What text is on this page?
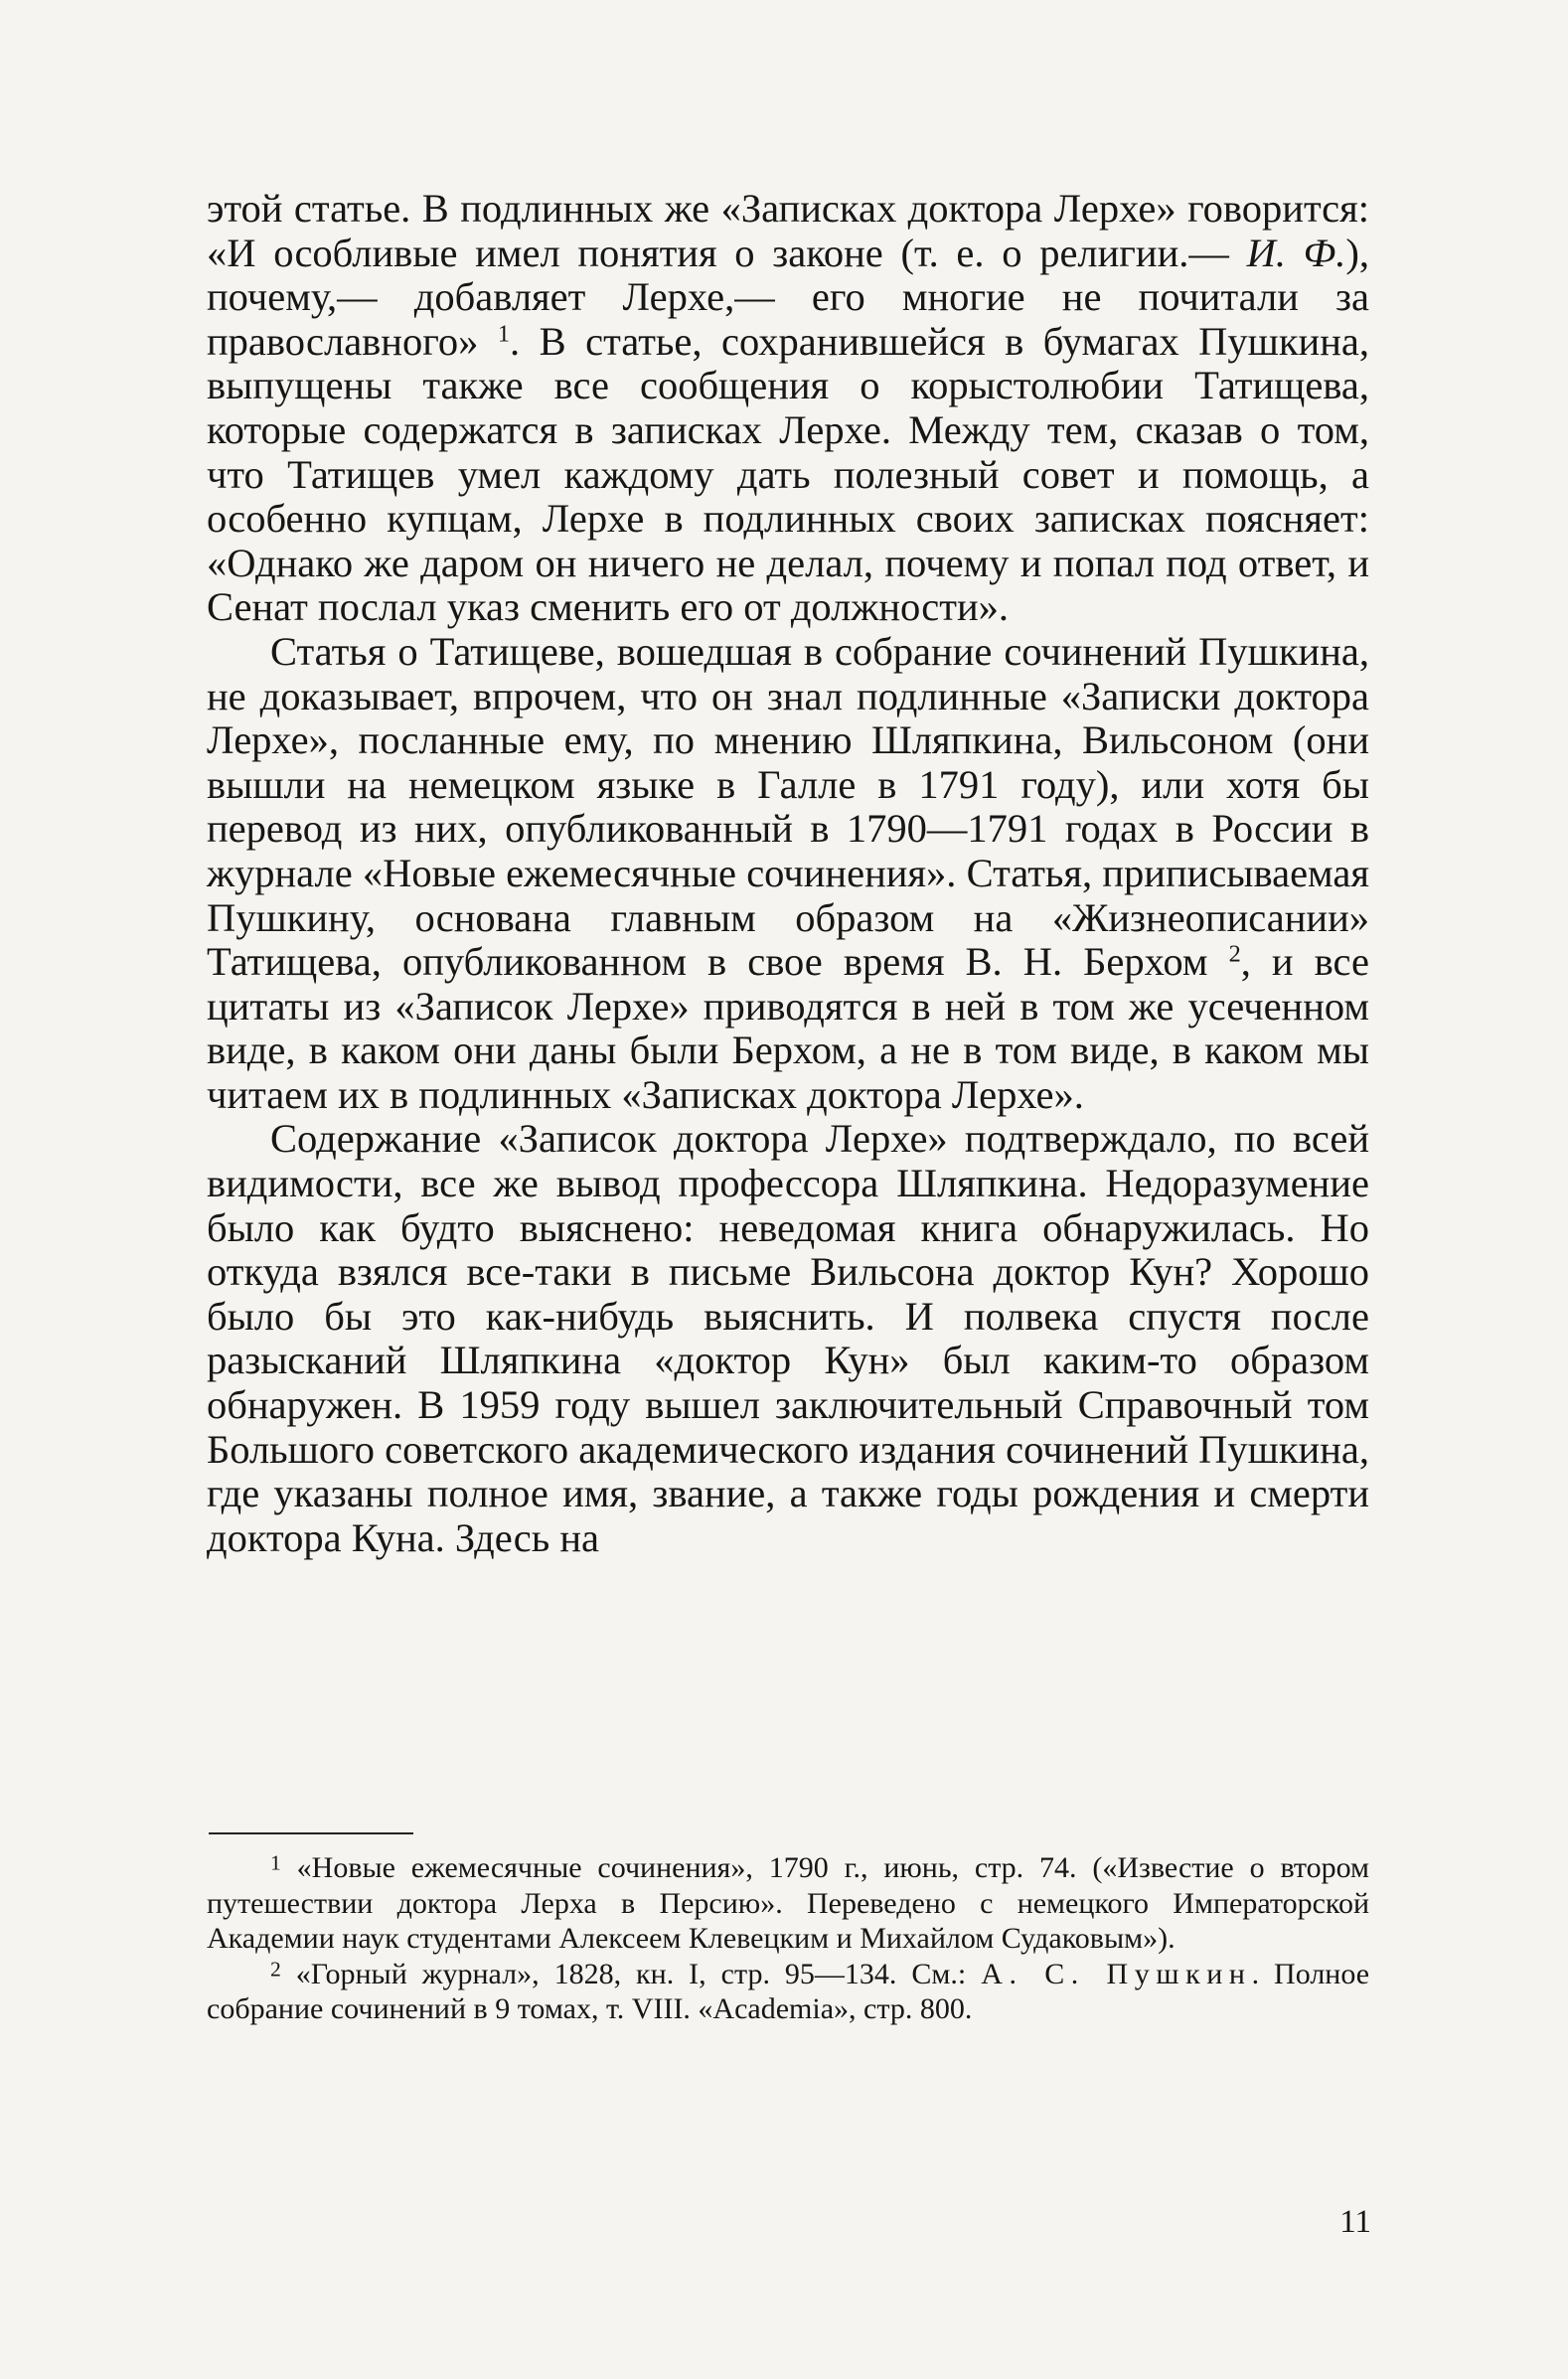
этой статье. В подлинных же «Записках доктора Лерхе» говорится: «И особливые имел понятия о законе (т. е. о религии.— И. Ф.), почему,— добавляет Лерхе,— его многие не почитали за православного» $^1$. В статье, сохранившейся в бумагах Пушкина, выпущены также все сообщения о корыстолюбии Татищева, которые содержатся в записках Лерхе. Между тем, сказав о том, что Татищев умел каждому дать полезный совет и помощь, а особенно купцам, Лерхе в подлинных своих записках поясняет: «Однако же даром он ничего не делал, почему и попал под ответ, и Сенат послал указ сменить его от должности».

Статья о Татищеве, вошедшая в собрание сочинений Пушкина, не доказывает, впрочем, что он знал подлинные «Записки доктора Лерхе», посланные ему, по мнению Шляпкина, Вильсоном (они вышли на немецком языке в Галле в 1791 году), или хотя бы перевод из них, опубликованный в 1790—1791 годах в России в журнале «Новые ежемесячные сочинения». Статья, приписываемая Пушкину, основана главным образом на «Жизнеописании» Татищева, опубликованном в свое время В. Н. Берхом $^2$, и все цитаты из «Записок Лерхе» приводятся в ней в том же усеченном виде, в каком они даны были Берхом, а не в том виде, в каком мы читаем их в подлинных «Записках доктора Лерхе».

Содержание «Записок доктора Лерхе» подтверждало, по всей видимости, все же вывод профессора Шляпкина. Недоразумение было как будто выяснено: неведомая книга обнаружилась. Но откуда взялся все-таки в письме Вильсона доктор Кун? Хорошо было бы это как-нибудь выяснить. И полвека спустя после разысканий Шляпкина «доктор Кун» был каким-то образом обнаружен. В 1959 году вышел заключительный Справочный том Большого советского академического издания сочинений Пушкина, где указаны полное имя, звание, а также годы рождения и смерти доктора Куна. Здесь на

$^1$ «Новые ежемесячные сочинения», 1790 г., июнь, стр. 74. («Известие о втором путешествии доктора Лерха в Персию». Переведено с немецкого Императорской Академии наук студентами Алексеем Клевецким и Михайлом Судаковым»).

$^2$ «Горный журнал», 1828, кн. I, стр. 95—134. См.: А. С. Пушкин. Полное собрание сочинений в 9 томах, т. VIII. «Academia», стр. 800.

11
